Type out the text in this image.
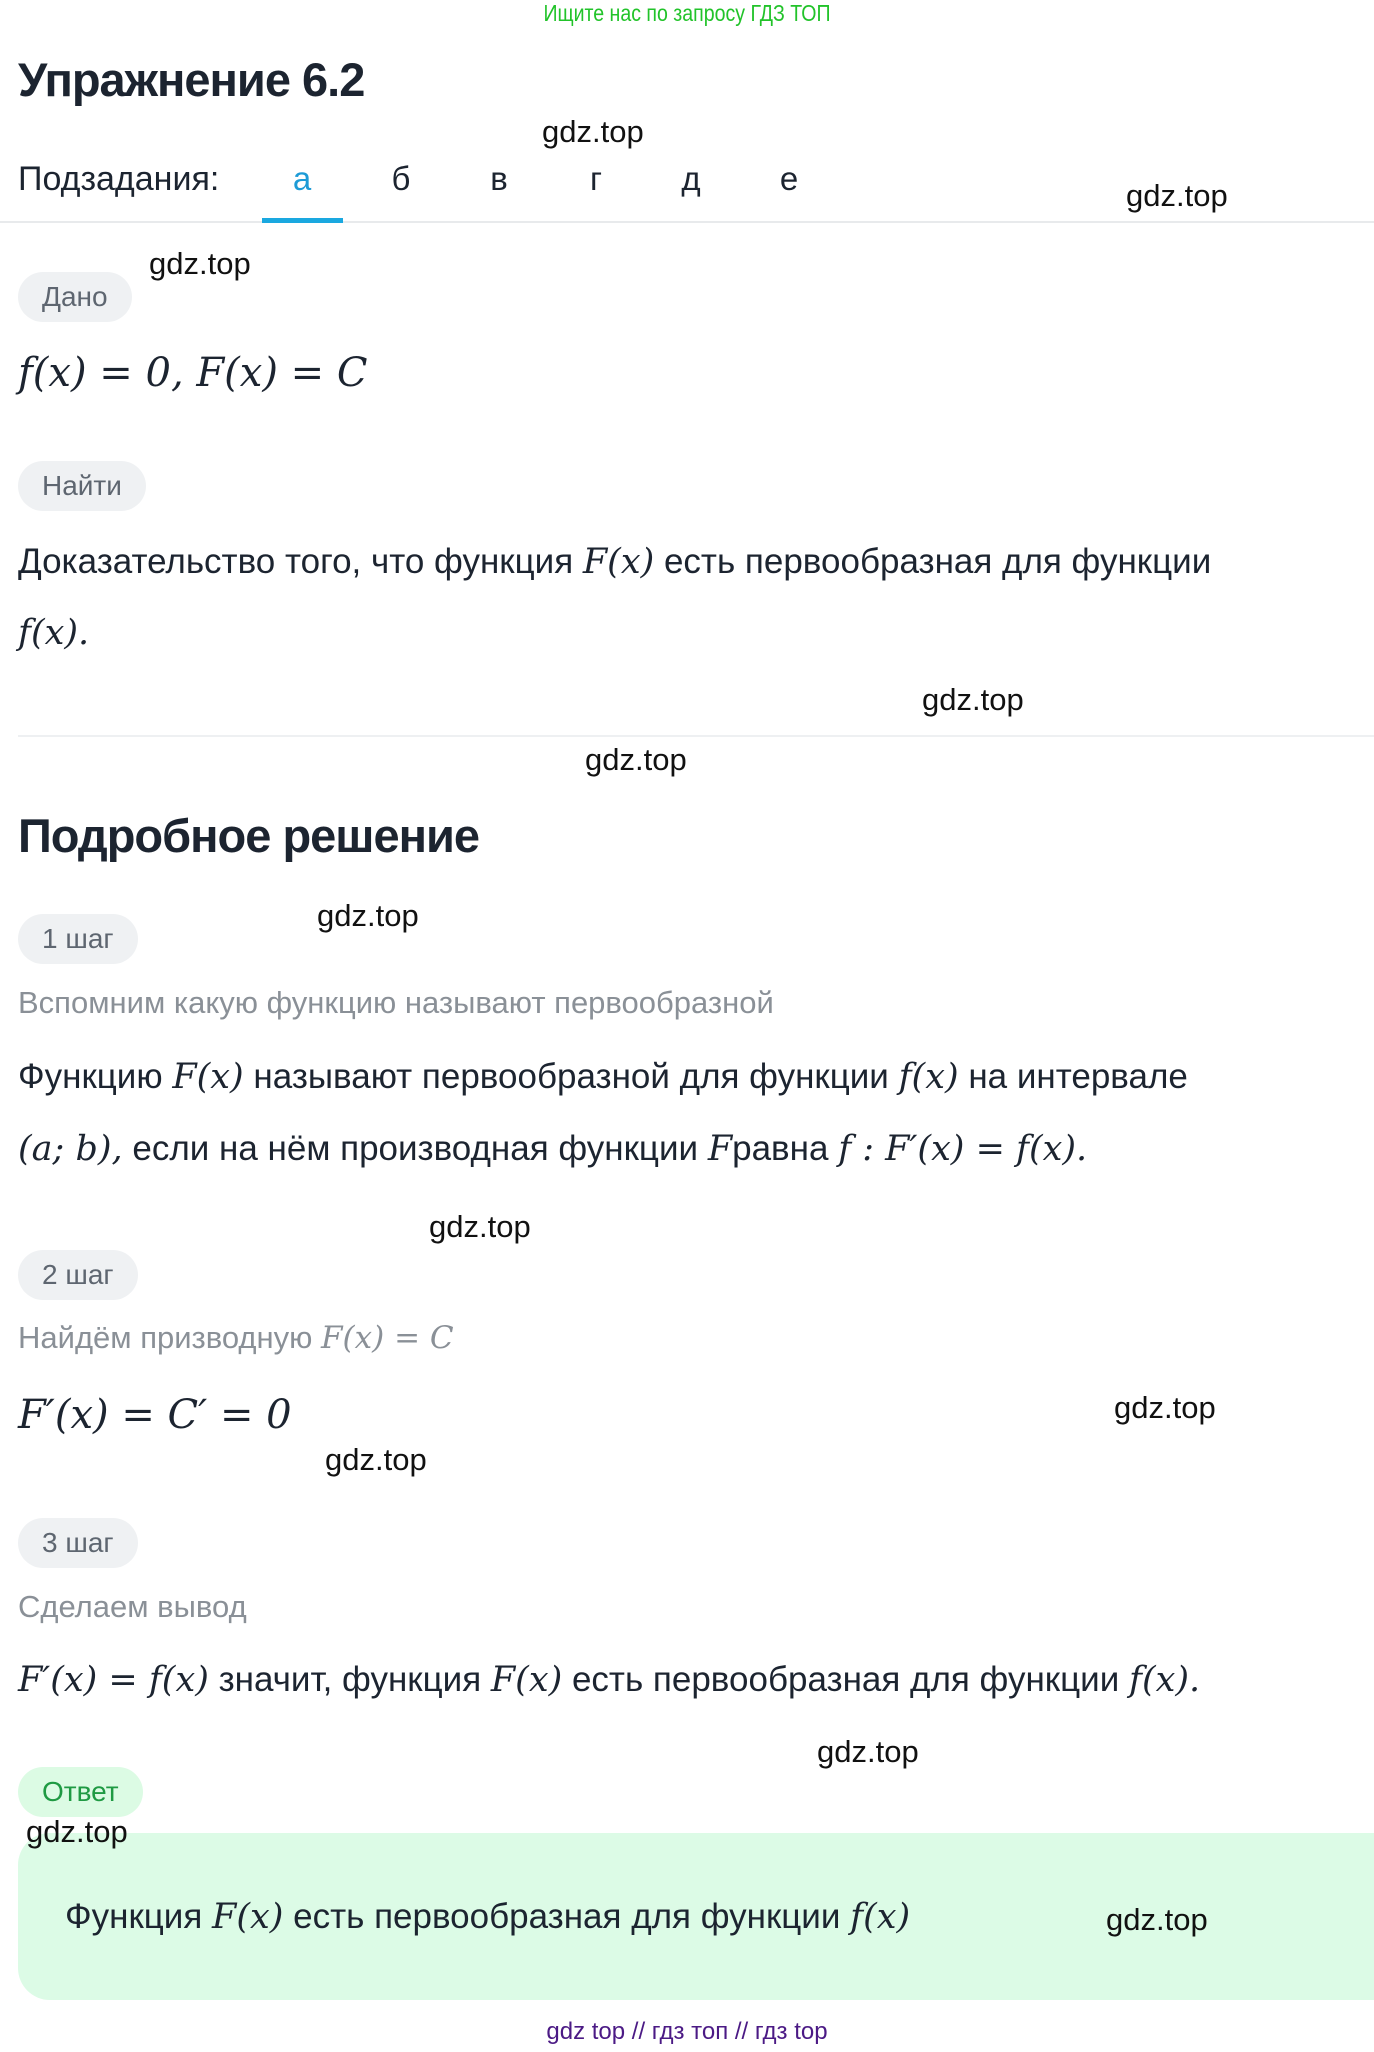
Ищите нас по запросу ГДЗ ТОП
Упражнение 6.2
Подзадания:	а	б	в	г	д	е
Дано
f(x) = 0, F(x) = C
Найти
Доказательство того, что функция F(x) есть первообразная для функции
f(x).
Подробное решение
1 шаг
Вспомним какую функцию называют первообразной
Функцию F(x) называют первообразной для функции f(x) на интервале
(a; b), если на нём производная функции Fравна f : F′(x) = f(x).
2 шаг
Найдём призводную F(x) = C
F′(x) = C′ = 0
3 шаг
Сделаем вывод
F′(x) = f(x) значит, функция F(x) есть первообразная для функции f(x).
Ответ
Функция F(x) есть первообразная для функции f(x)
gdz.top
gdz.top
gdz.top
gdz.top
gdz.top
gdz.top
gdz.top
gdz.top
gdz.top
gdz.top
gdz.top
gdz.top
gdz top // гдз топ // гдз top
